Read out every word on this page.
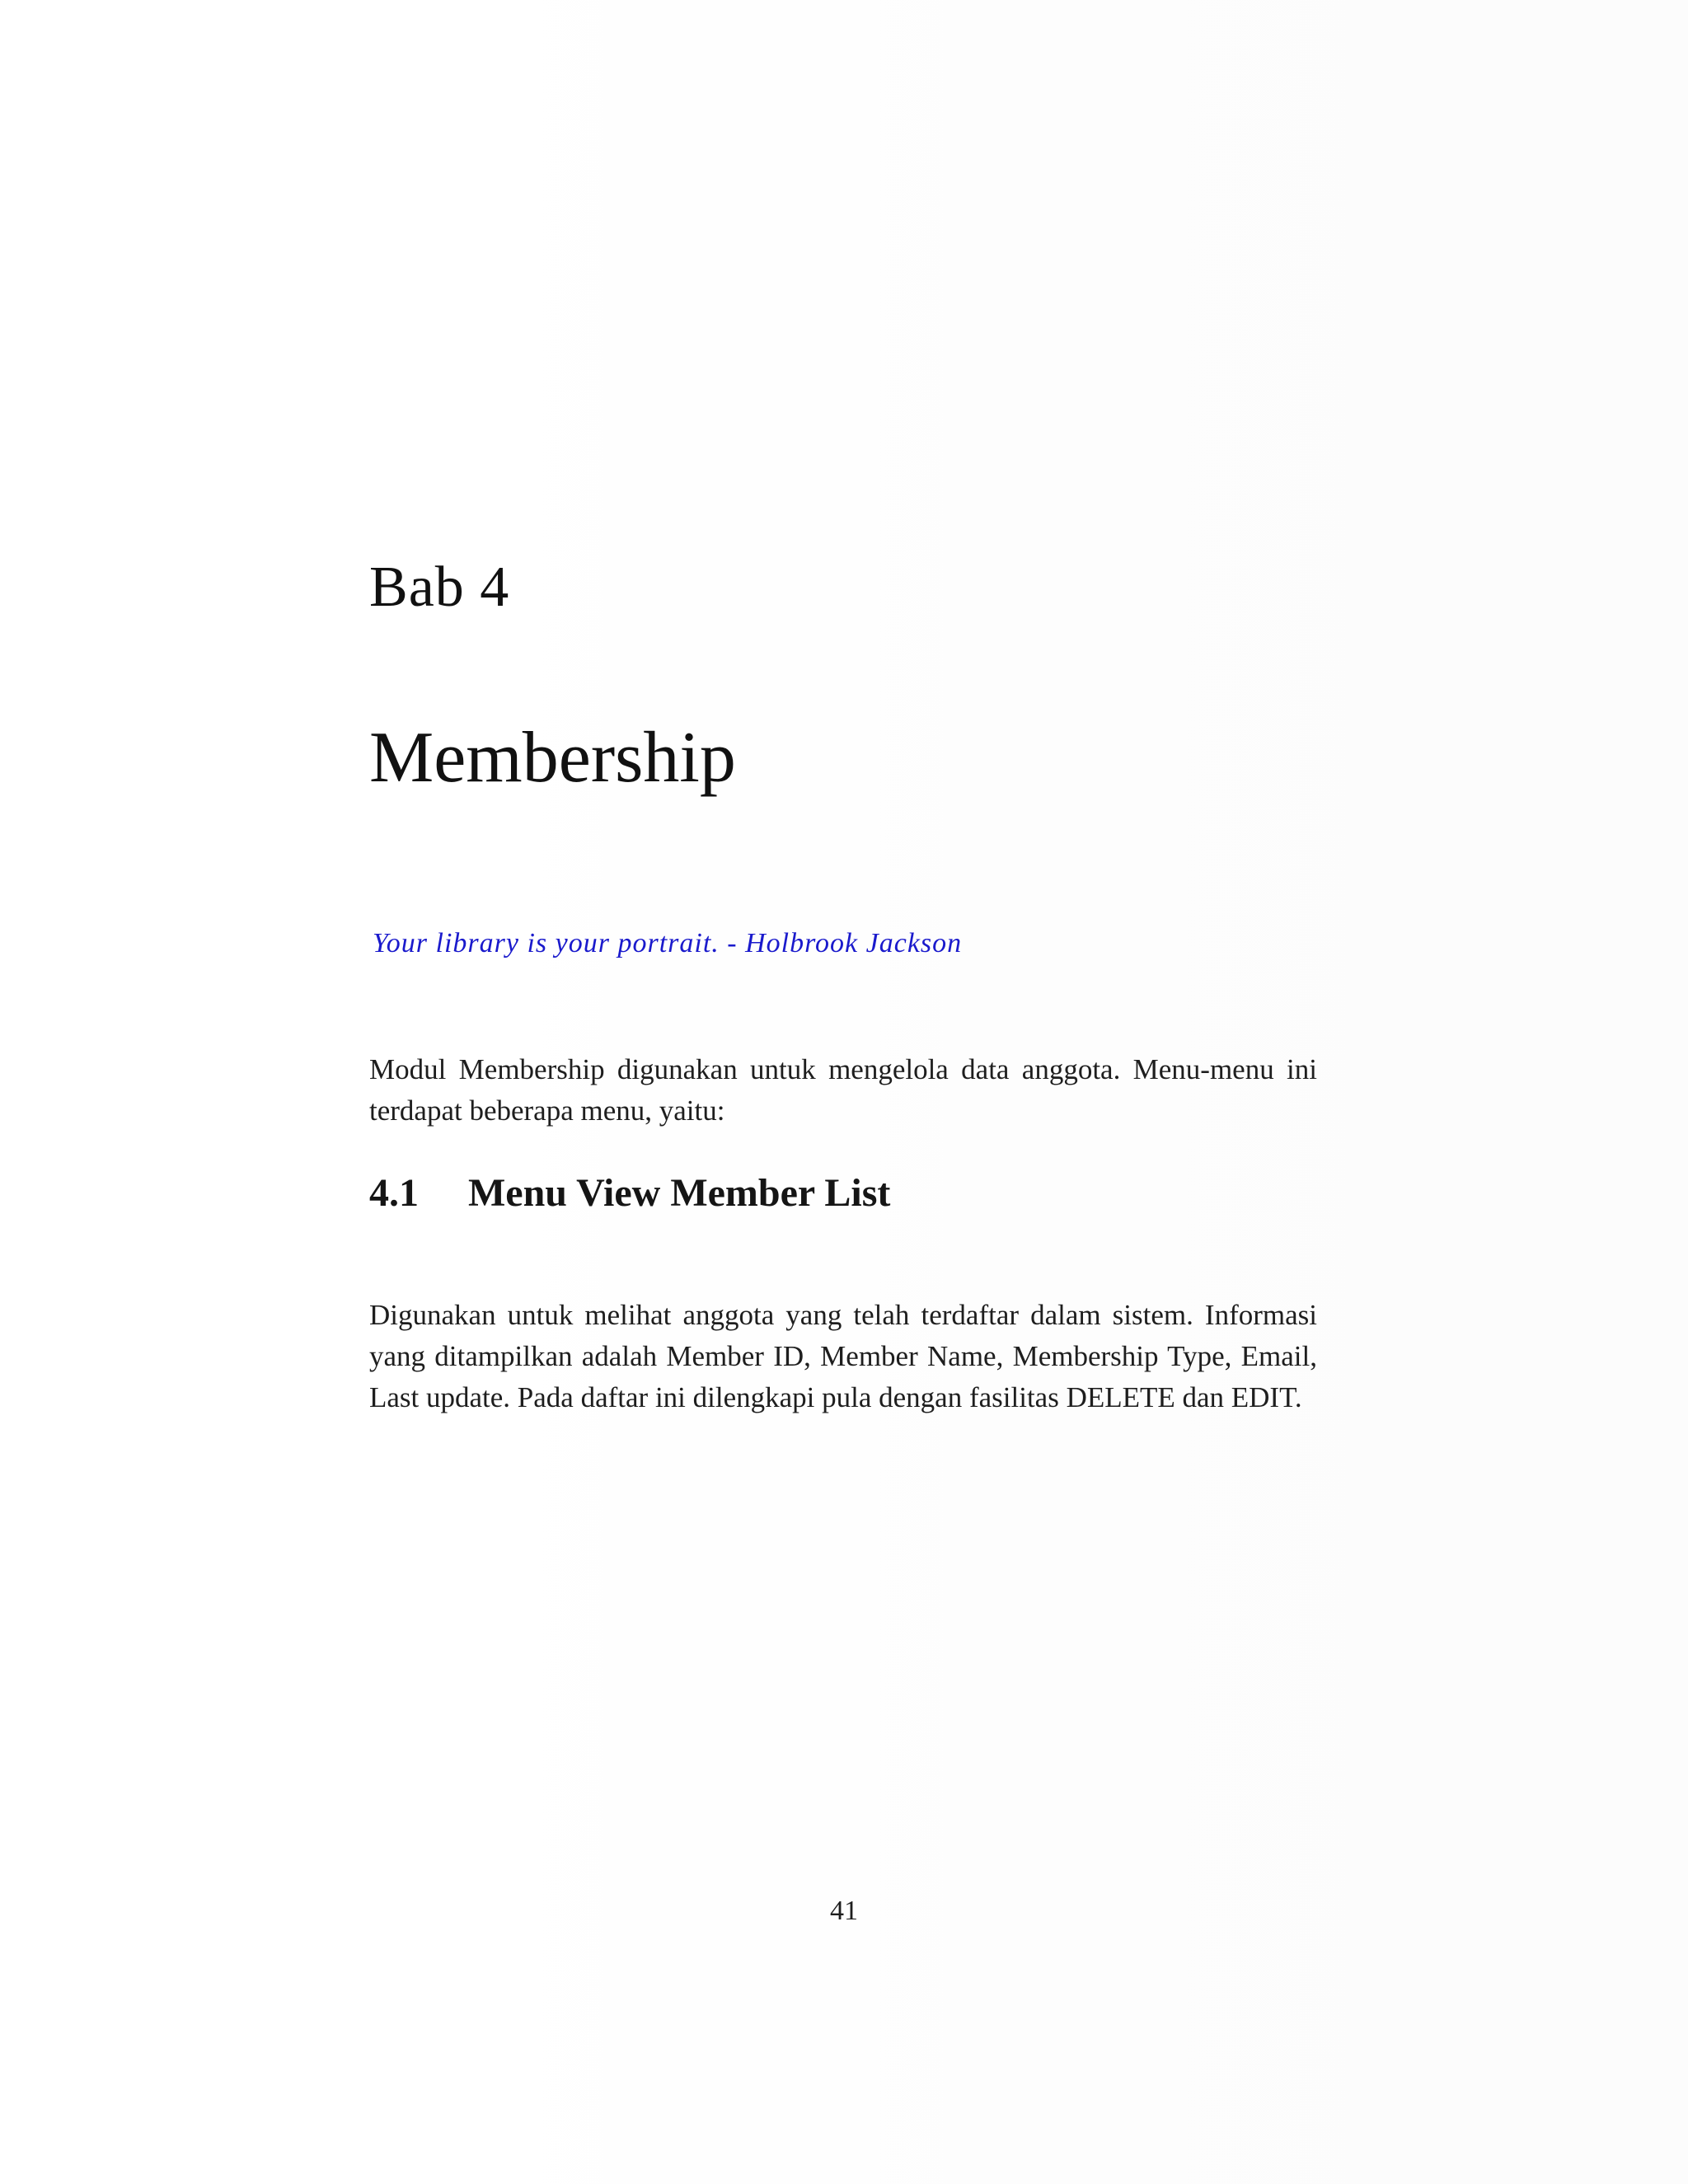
Bab 4
Membership
Your library is your portrait. - Holbrook Jackson

Modul Membership digunakan untuk mengelola data anggota. Menu-menu ini terdapat beberapa menu, yaitu:

4.1 Menu View Member List

Digunakan untuk melihat anggota yang telah terdaftar dalam sistem. Informasi yang ditampilkan adalah Member ID, Member Name, Membership Type, Email, Last update. Pada daftar ini dilengkapi pula dengan fasilitas DELETE dan EDIT.

41
